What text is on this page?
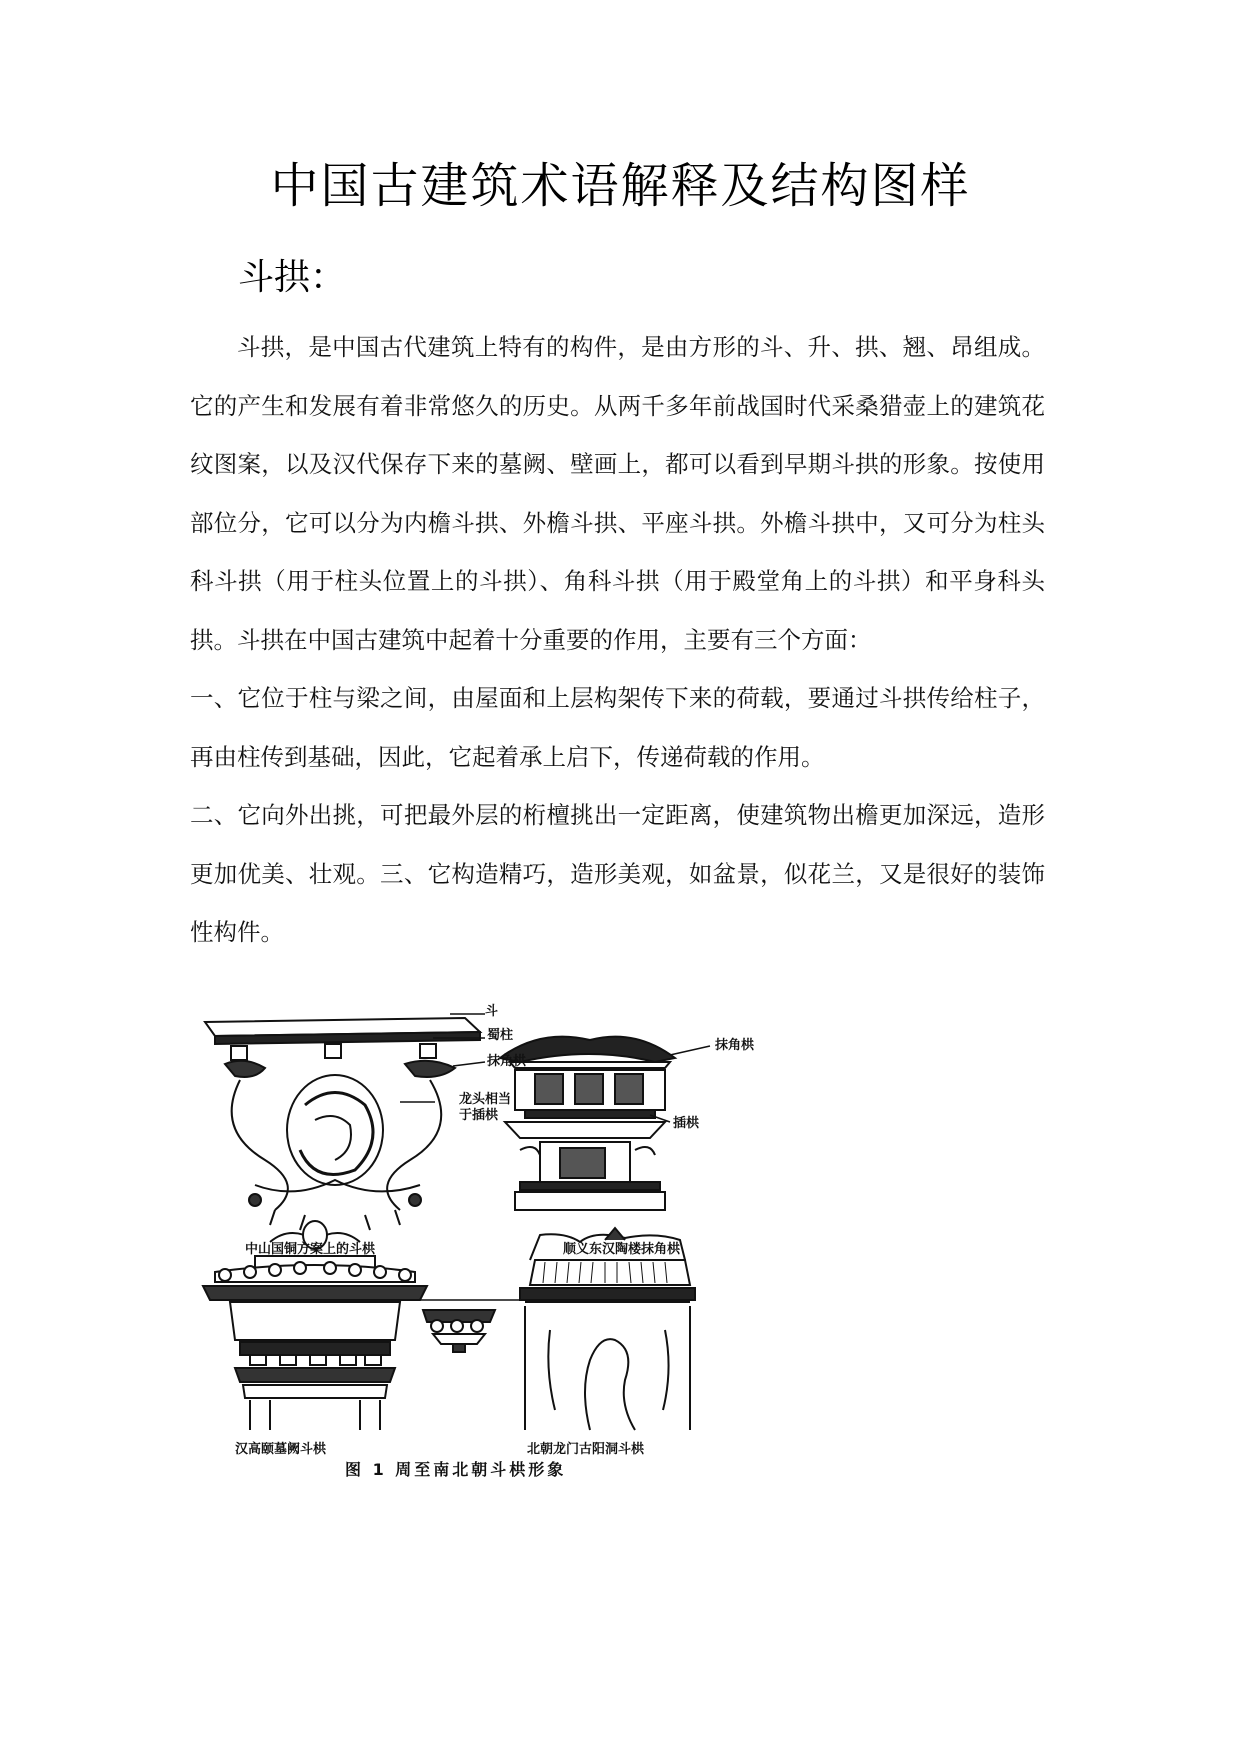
中国古建筑术语解释及结构图样
斗拱：

斗拱，是中国古代建筑上特有的构件，是由方形的斗、升、拱、翘、昂组成。它的产生和发展有着非常悠久的历史。从两千多年前战国时代采桑猎壶上的建筑花纹图案，以及汉代保存下来的墓阙、壁画上，都可以看到早期斗拱的形象。按使用部位分，它可以分为内檐斗拱、外檐斗拱、平座斗拱。外檐斗拱中，又可分为柱头科斗拱（用于柱头位置上的斗拱）、角科斗拱（用于殿堂角上的斗拱）和平身科头拱。斗拱在中国古建筑中起着十分重要的作用，主要有三个方面：

一、它位于柱与梁之间，由屋面和上层构架传下来的荷载，要通过斗拱传给柱子，再由柱传到基础，因此，它起着承上启下，传递荷载的作用。

二、它向外出挑，可把最外层的桁檀挑出一定距离，使建筑物出檐更加深远，造形更加优美、壮观。三、它构造精巧，造形美观，如盆景，似花兰，又是很好的装饰性构件。

斗
蜀柱
抹角栱
龙头相当
于插栱
抹角栱
插栱
中山国铜方案上的斗栱	顺义东汉陶楼抹角栱
汉高颐墓阙斗栱	北朝龙门古阳洞斗栱
图 1 周至南北朝斗栱形象
